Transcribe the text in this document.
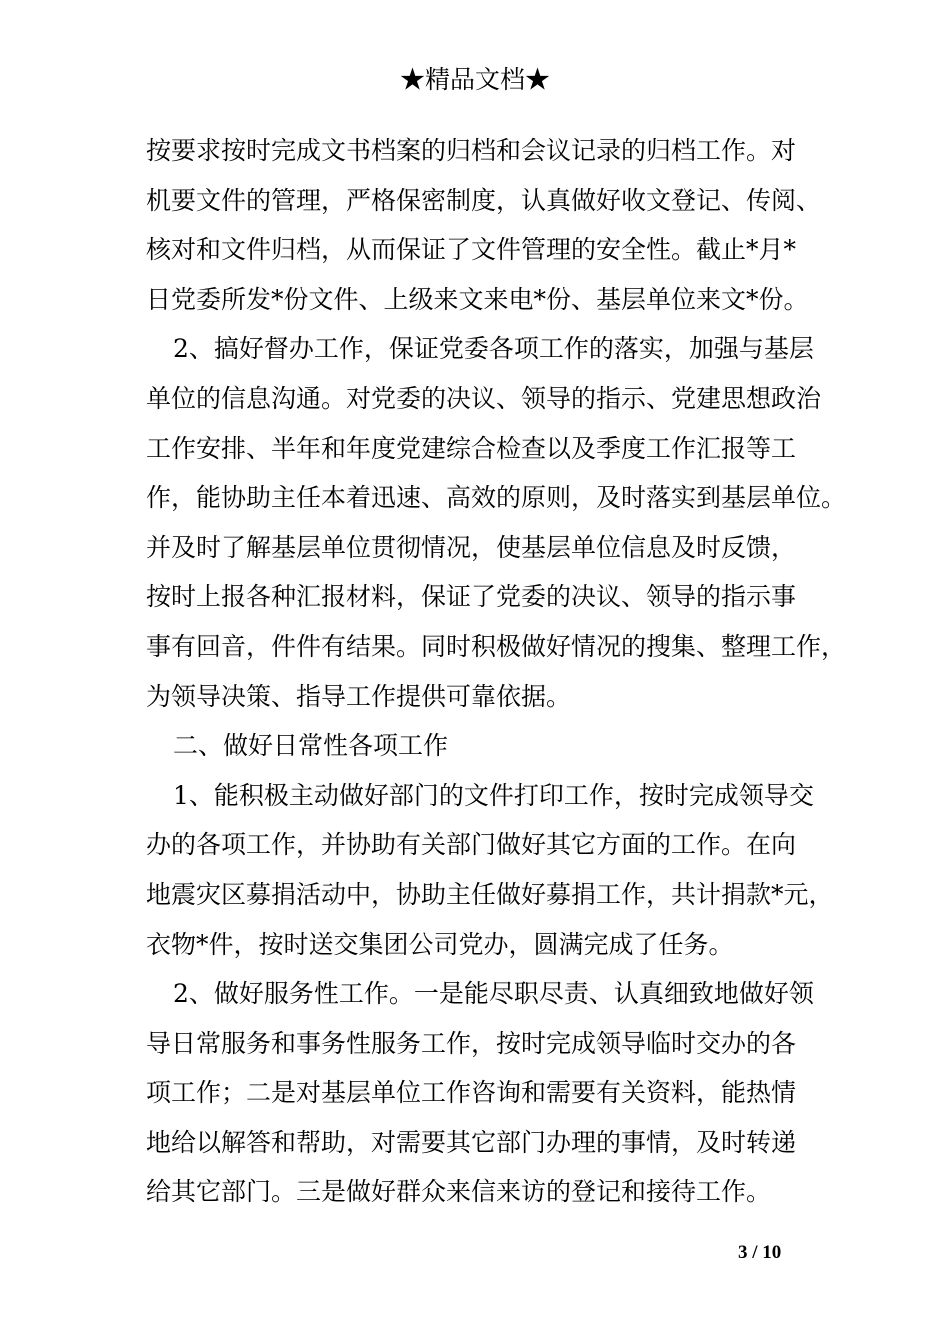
★精品文档★

按要求按时完成文书档案的归档和会议记录的归档工作。对

机要文件的管理，严格保密制度，认真做好收文登记、传阅、

核对和文件归档，从而保证了文件管理的安全性。截止*月*

日党委所发*份文件、上级来文来电*份、基层单位来文*份。

2、搞好督办工作，保证党委各项工作的落实，加强与基层

单位的信息沟通。对党委的决议、领导的指示、党建思想政治

工作安排、半年和年度党建综合检查以及季度工作汇报等工

作，能协助主任本着迅速、高效的原则，及时落实到基层单位。

并及时了解基层单位贯彻情况，使基层单位信息及时反馈，

按时上报各种汇报材料，保证了党委的决议、领导的指示事

事有回音，件件有结果。同时积极做好情况的搜集、整理工作，

为领导决策、指导工作提供可靠依据。

二、做好日常性各项工作

1、能积极主动做好部门的文件打印工作，按时完成领导交

办的各项工作，并协助有关部门做好其它方面的工作。在向

地震灾区募捐活动中，协助主任做好募捐工作，共计捐款*元，

衣物*件，按时送交集团公司党办，圆满完成了任务。

2、做好服务性工作。一是能尽职尽责、认真细致地做好领

导日常服务和事务性服务工作，按时完成领导临时交办的各

项工作；二是对基层单位工作咨询和需要有关资料，能热情

地给以解答和帮助，对需要其它部门办理的事情，及时转递

给其它部门。三是做好群众来信来访的登记和接待工作。

3 / 10
